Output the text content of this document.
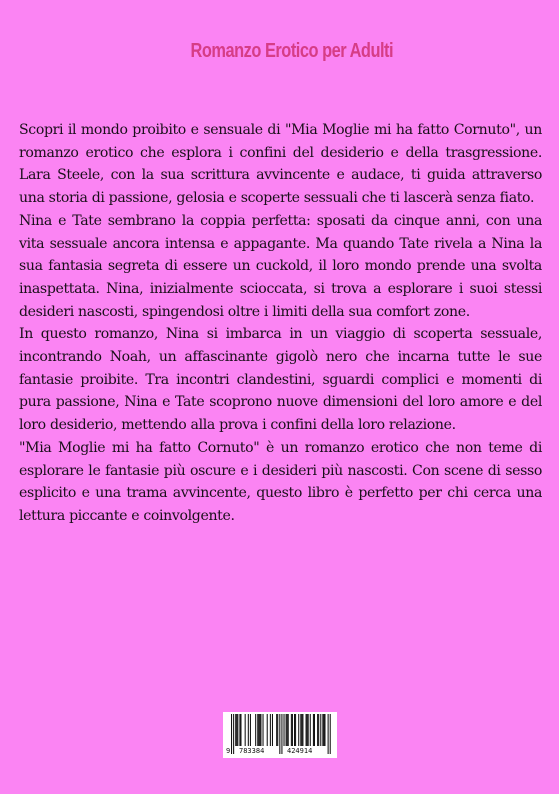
Romanzo Erotico per Adulti

Scopri il mondo proibito e sensuale di "Mia Moglie mi ha fatto Cornuto", un romanzo erotico che esplora i confini del desiderio e della trasgressione. Lara Steele, con la sua scrittura avvincente e audace, ti guida attraverso una storia di passione, gelosia e scoperte sessuali che ti lascerà senza fiato.

Nina e Tate sembrano la coppia perfetta: sposati da cinque anni, con una vita sessuale ancora intensa e appagante. Ma quando Tate rivela a Nina la sua fantasia segreta di essere un cuckold, il loro mondo prende una svolta inaspettata. Nina, inizialmente scioccata, si trova a esplorare i suoi stessi desideri nascosti, spingendosi oltre i limiti della sua comfort zone.

In questo romanzo, Nina si imbarca in un viaggio di scoperta sessuale, incontrando Noah, un affascinante gigolò nero che incarna tutte le sue fantasie proibite. Tra incontri clandestini, sguardi complici e momenti di pura passione, Nina e Tate scoprono nuove dimensioni del loro amore e del loro desiderio, mettendo alla prova i confini della loro relazione.

"Mia Moglie mi ha fatto Cornuto" è un romanzo erotico che non teme di esplorare le fantasie più oscure e i desideri più nascosti. Con scene di sesso esplicito e una trama avvincente, questo libro è perfetto per chi cerca una lettura piccante e coinvolgente.

9 783384	424914
